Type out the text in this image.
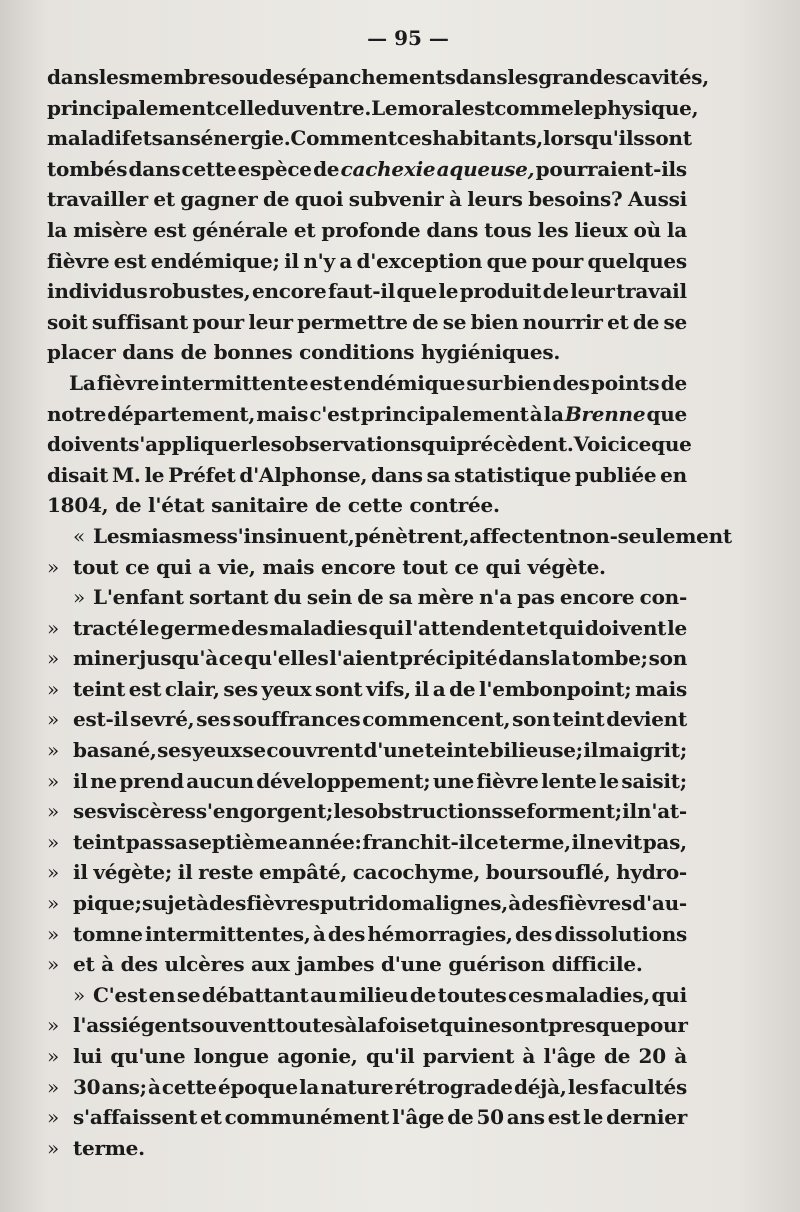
— 95 —
dans les membres ou des épanchements dans les grandes cavités,
principalement celle du ventre. Le moral est comme le physique,
maladif et sans énergie. Comment ces habitants, lorsqu'ils sont
tombés dans cette espèce de cachexie aqueuse, pourraient-ils
travailler et gagner de quoi subvenir à leurs besoins? Aussi
la misère est générale et profonde dans tous les lieux où la
fièvre est endémique; il n'y a d'exception que pour quelques
individus robustes, encore faut-il que le produit de leur travail
soit suffisant pour leur permettre de se bien nourrir et de se
placer dans de bonnes conditions hygiéniques.
La fièvre intermittente est endémique sur bien des points de
notre département, mais c'est principalement à la Brenne que
doivent s'appliquer les observations qui précèdent. Voici ce que
disait M. le Préfet d'Alphonse, dans sa statistique publiée en
1804, de l'état sanitaire de cette contrée.
« Les miasmes s'insinuent, pénètrent, affectent non-seulement
» tout ce qui a vie, mais encore tout ce qui végète.
» L'enfant sortant du sein de sa mère n'a pas encore con-
» tracté le germe des maladies qui l'attendent et qui doivent le
» miner jusqu'à ce qu'elles l'aient précipité dans la tombe; son
» teint est clair, ses yeux sont vifs, il a de l'embonpoint; mais
» est-il sevré, ses souffrances commencent, son teint devient
» basané, ses yeux se couvrent d'une teinte bilieuse; il maigrit;
» il ne prend aucun développement; une fièvre lente le saisit;
» ses viscères s'engorgent; les obstructions se forment; il n'at-
» teint pas sa septième année: franchit-il ce terme, il ne vit pas,
» il végète; il reste empâté, cacochyme, boursouflé, hydro-
» pique; sujet à des fièvres putridomalignes, à des fièvres d'au-
» tomne intermittentes, à des hémorragies, des dissolutions
» et à des ulcères aux jambes d'une guérison difficile.
» C'est en se débattant au milieu de toutes ces maladies, qui
» l'assiégent souvent toutes à la fois et qui ne sont presque pour
» lui qu'une longue agonie, qu'il parvient à l'âge de 20 à
» 30 ans; à cette époque la nature rétrograde déjà, les facultés
» s'affaissent et communément l'âge de 50 ans est le dernier
» terme.
